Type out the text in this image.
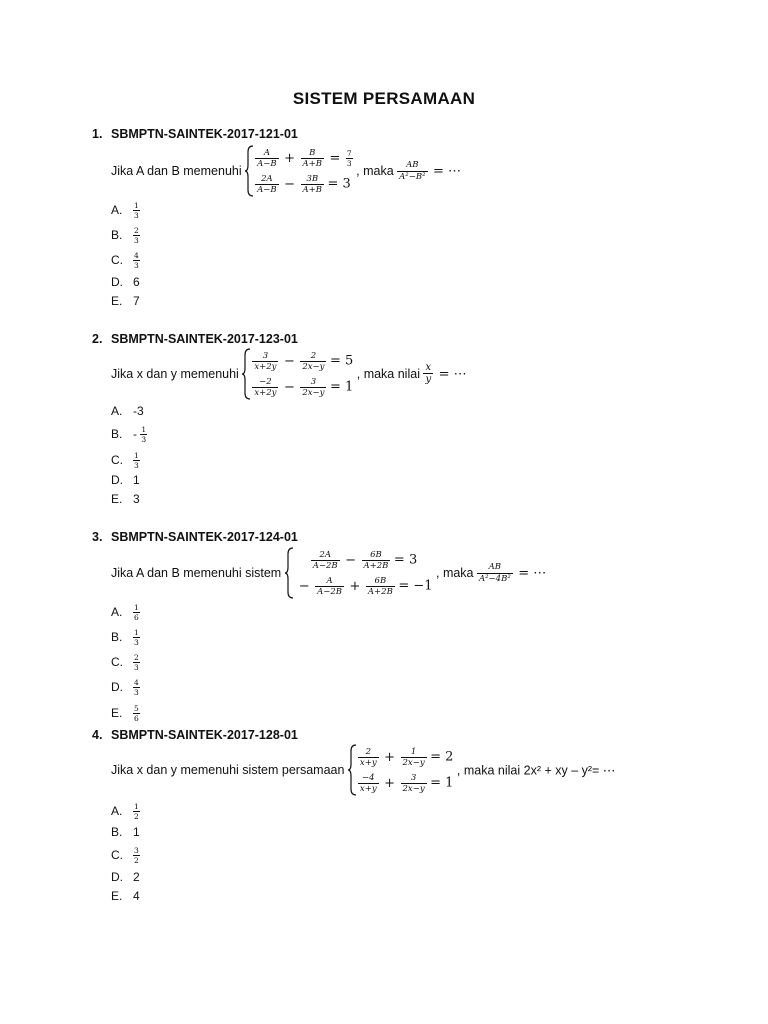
SISTEM PERSAMAAN
1. SBMPTN-SAINTEK-2017-121-01
Jika A dan B memenuhi
$\frac{A}{A-B} + \frac{B}{A+B} = \frac{7}{3}$
$\frac{2A}{A-B} - \frac{3B}{A+B} = 3$
, maka $\frac{AB}{\text{A²−B²}}$ = ⋯
A. $\frac{1}{3}$
B. $\frac{2}{3}$
C. $\frac{4}{3}$
D. 6
E. 7
2. SBMPTN-SAINTEK-2017-123-01
Jika x dan y memenuhi
$\frac{3}{x+2y} - \frac{2}{2x-y} = 5$
$\frac{-2}{x+2y} - \frac{3}{2x-y} = 1$
, maka nilai $\frac{x}{y}$ = ⋯
A. -3
B. - $\frac{1}{3}$
C. $\frac{1}{3}$
D. 1
E. 3
3. SBMPTN-SAINTEK-2017-124-01
Jika A dan B memenuhi sistem
$\frac{2A}{A-2B} - \frac{6B}{A+2B} = 3$
− $\frac{A}{A-2B} + \frac{6B}{A+2B} = -1$
, maka $\frac{AB}{\text{A²−4B²}}$ = ⋯
A. $\frac{1}{6}$
B. $\frac{1}{3}$
C. $\frac{2}{3}$
D. $\frac{4}{3}$
E. $\frac{5}{6}$
4. SBMPTN-SAINTEK-2017-128-01
Jika x dan y memenuhi sistem persamaan
$\frac{2}{x+y} + \frac{1}{2x-y} = 2$
$\frac{-4}{x+y} + \frac{3}{2x-y} = 1$
, maka nilai 2x² + xy – y²= ⋯
A. $\frac{1}{2}$
B. 1
C. $\frac{3}{2}$
D. 2
E. 4
